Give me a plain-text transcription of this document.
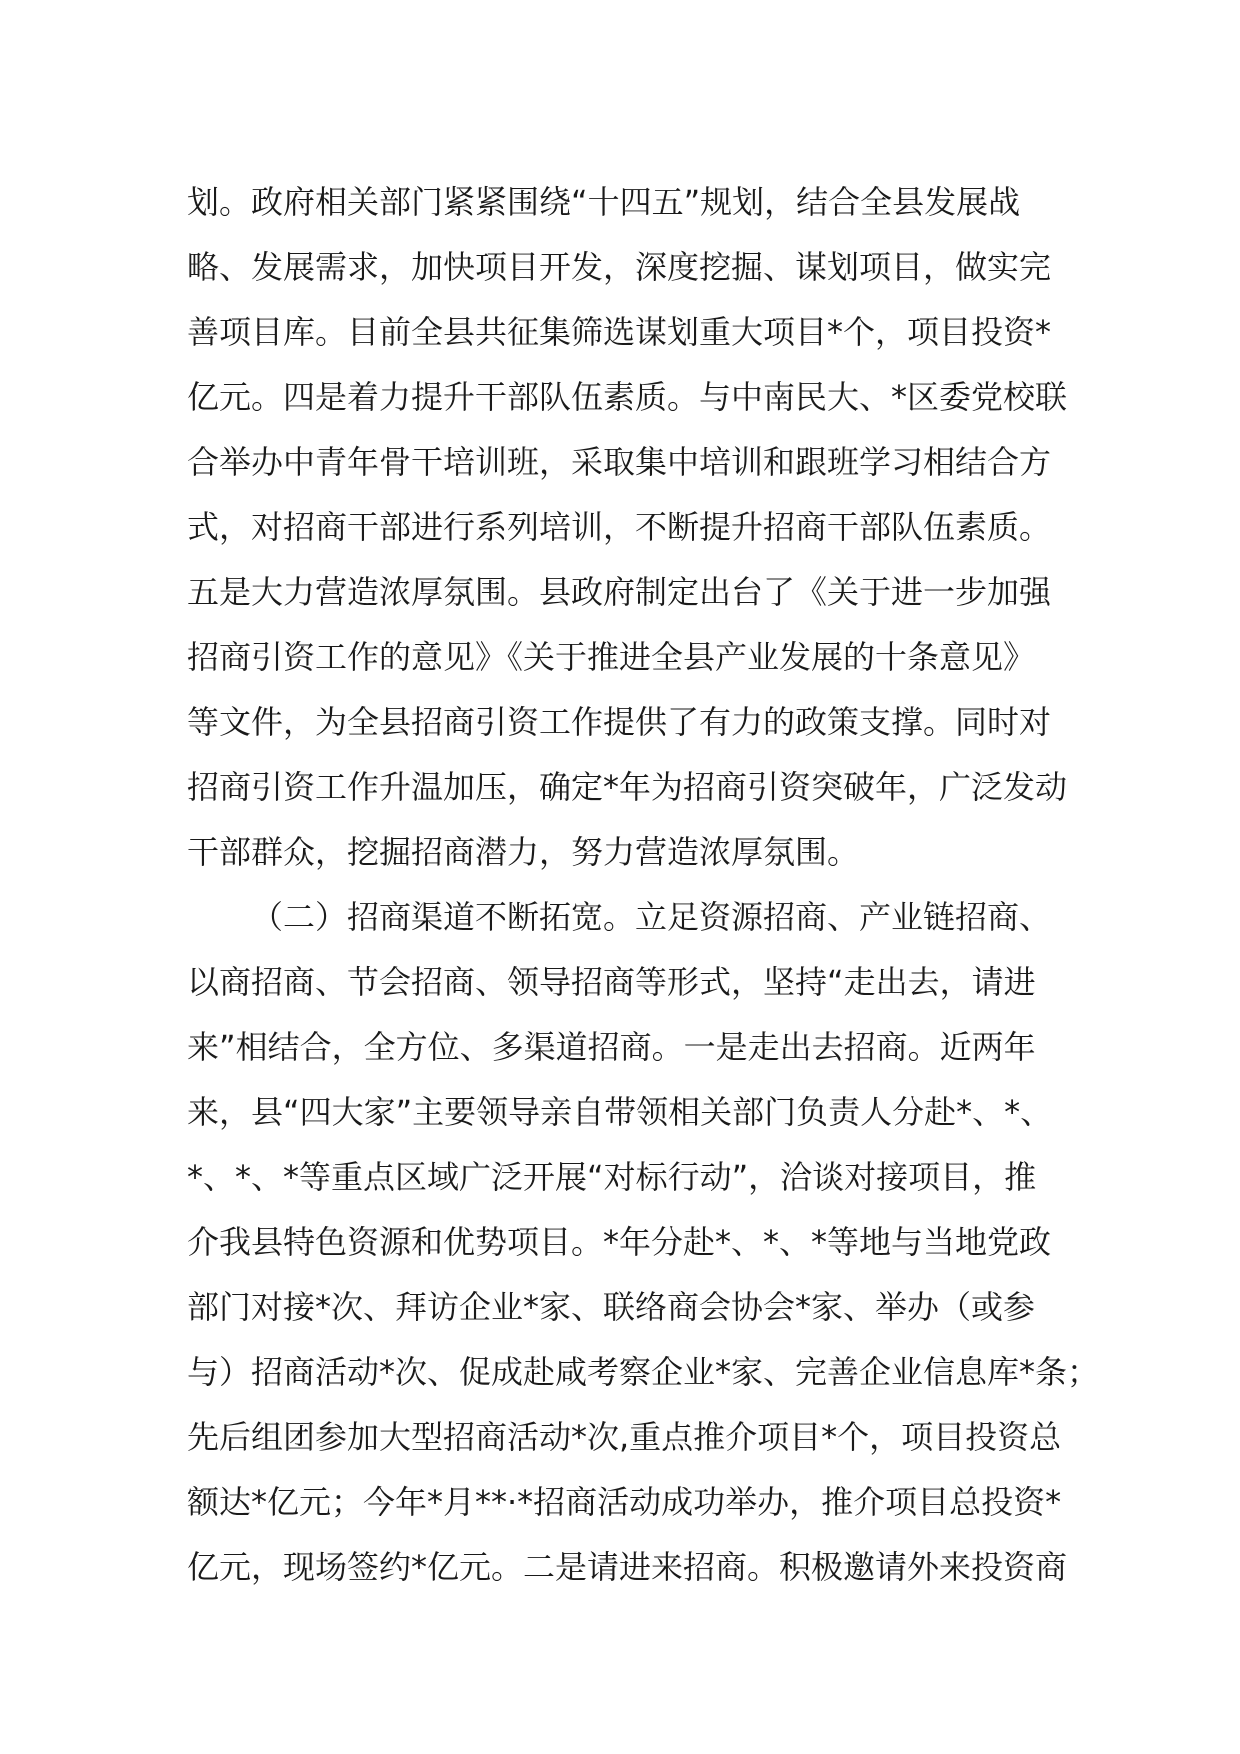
划。政府相关部门紧紧围绕“十四五”规划，结合全县发展战
略、发展需求，加快项目开发，深度挖掘、谋划项目，做实完
善项目库。目前全县共征集筛选谋划重大项目*个，项目投资*
亿元。四是着力提升干部队伍素质。与中南民大、*区委党校联
合举办中青年骨干培训班，采取集中培训和跟班学习相结合方
式，对招商干部进行系列培训，不断提升招商干部队伍素质。
五是大力营造浓厚氛围。县政府制定出台了《关于进一步加强
招商引资工作的意见》《关于推进全县产业发展的十条意见》
等文件，为全县招商引资工作提供了有力的政策支撑。同时对
招商引资工作升温加压，确定*年为招商引资突破年，广泛发动
干部群众，挖掘招商潜力，努力营造浓厚氛围。
（二）招商渠道不断拓宽。立足资源招商、产业链招商、
以商招商、节会招商、领导招商等形式，坚持“走出去，请进
来”相结合，全方位、多渠道招商。一是走出去招商。近两年
来，县“四大家”主要领导亲自带领相关部门负责人分赴*、*、
*、*、*等重点区域广泛开展“对标行动”，洽谈对接项目，推
介我县特色资源和优势项目。*年分赴*、*、*等地与当地党政
部门对接*次、拜访企业*家、联络商会协会*家、举办（或参
与）招商活动*次、促成赴咸考察企业*家、完善企业信息库*条；
先后组团参加大型招商活动*次,重点推介项目*个，项目投资总
额达*亿元；今年*月**·*招商活动成功举办，推介项目总投资*
亿元，现场签约*亿元。二是请进来招商。积极邀请外来投资商
